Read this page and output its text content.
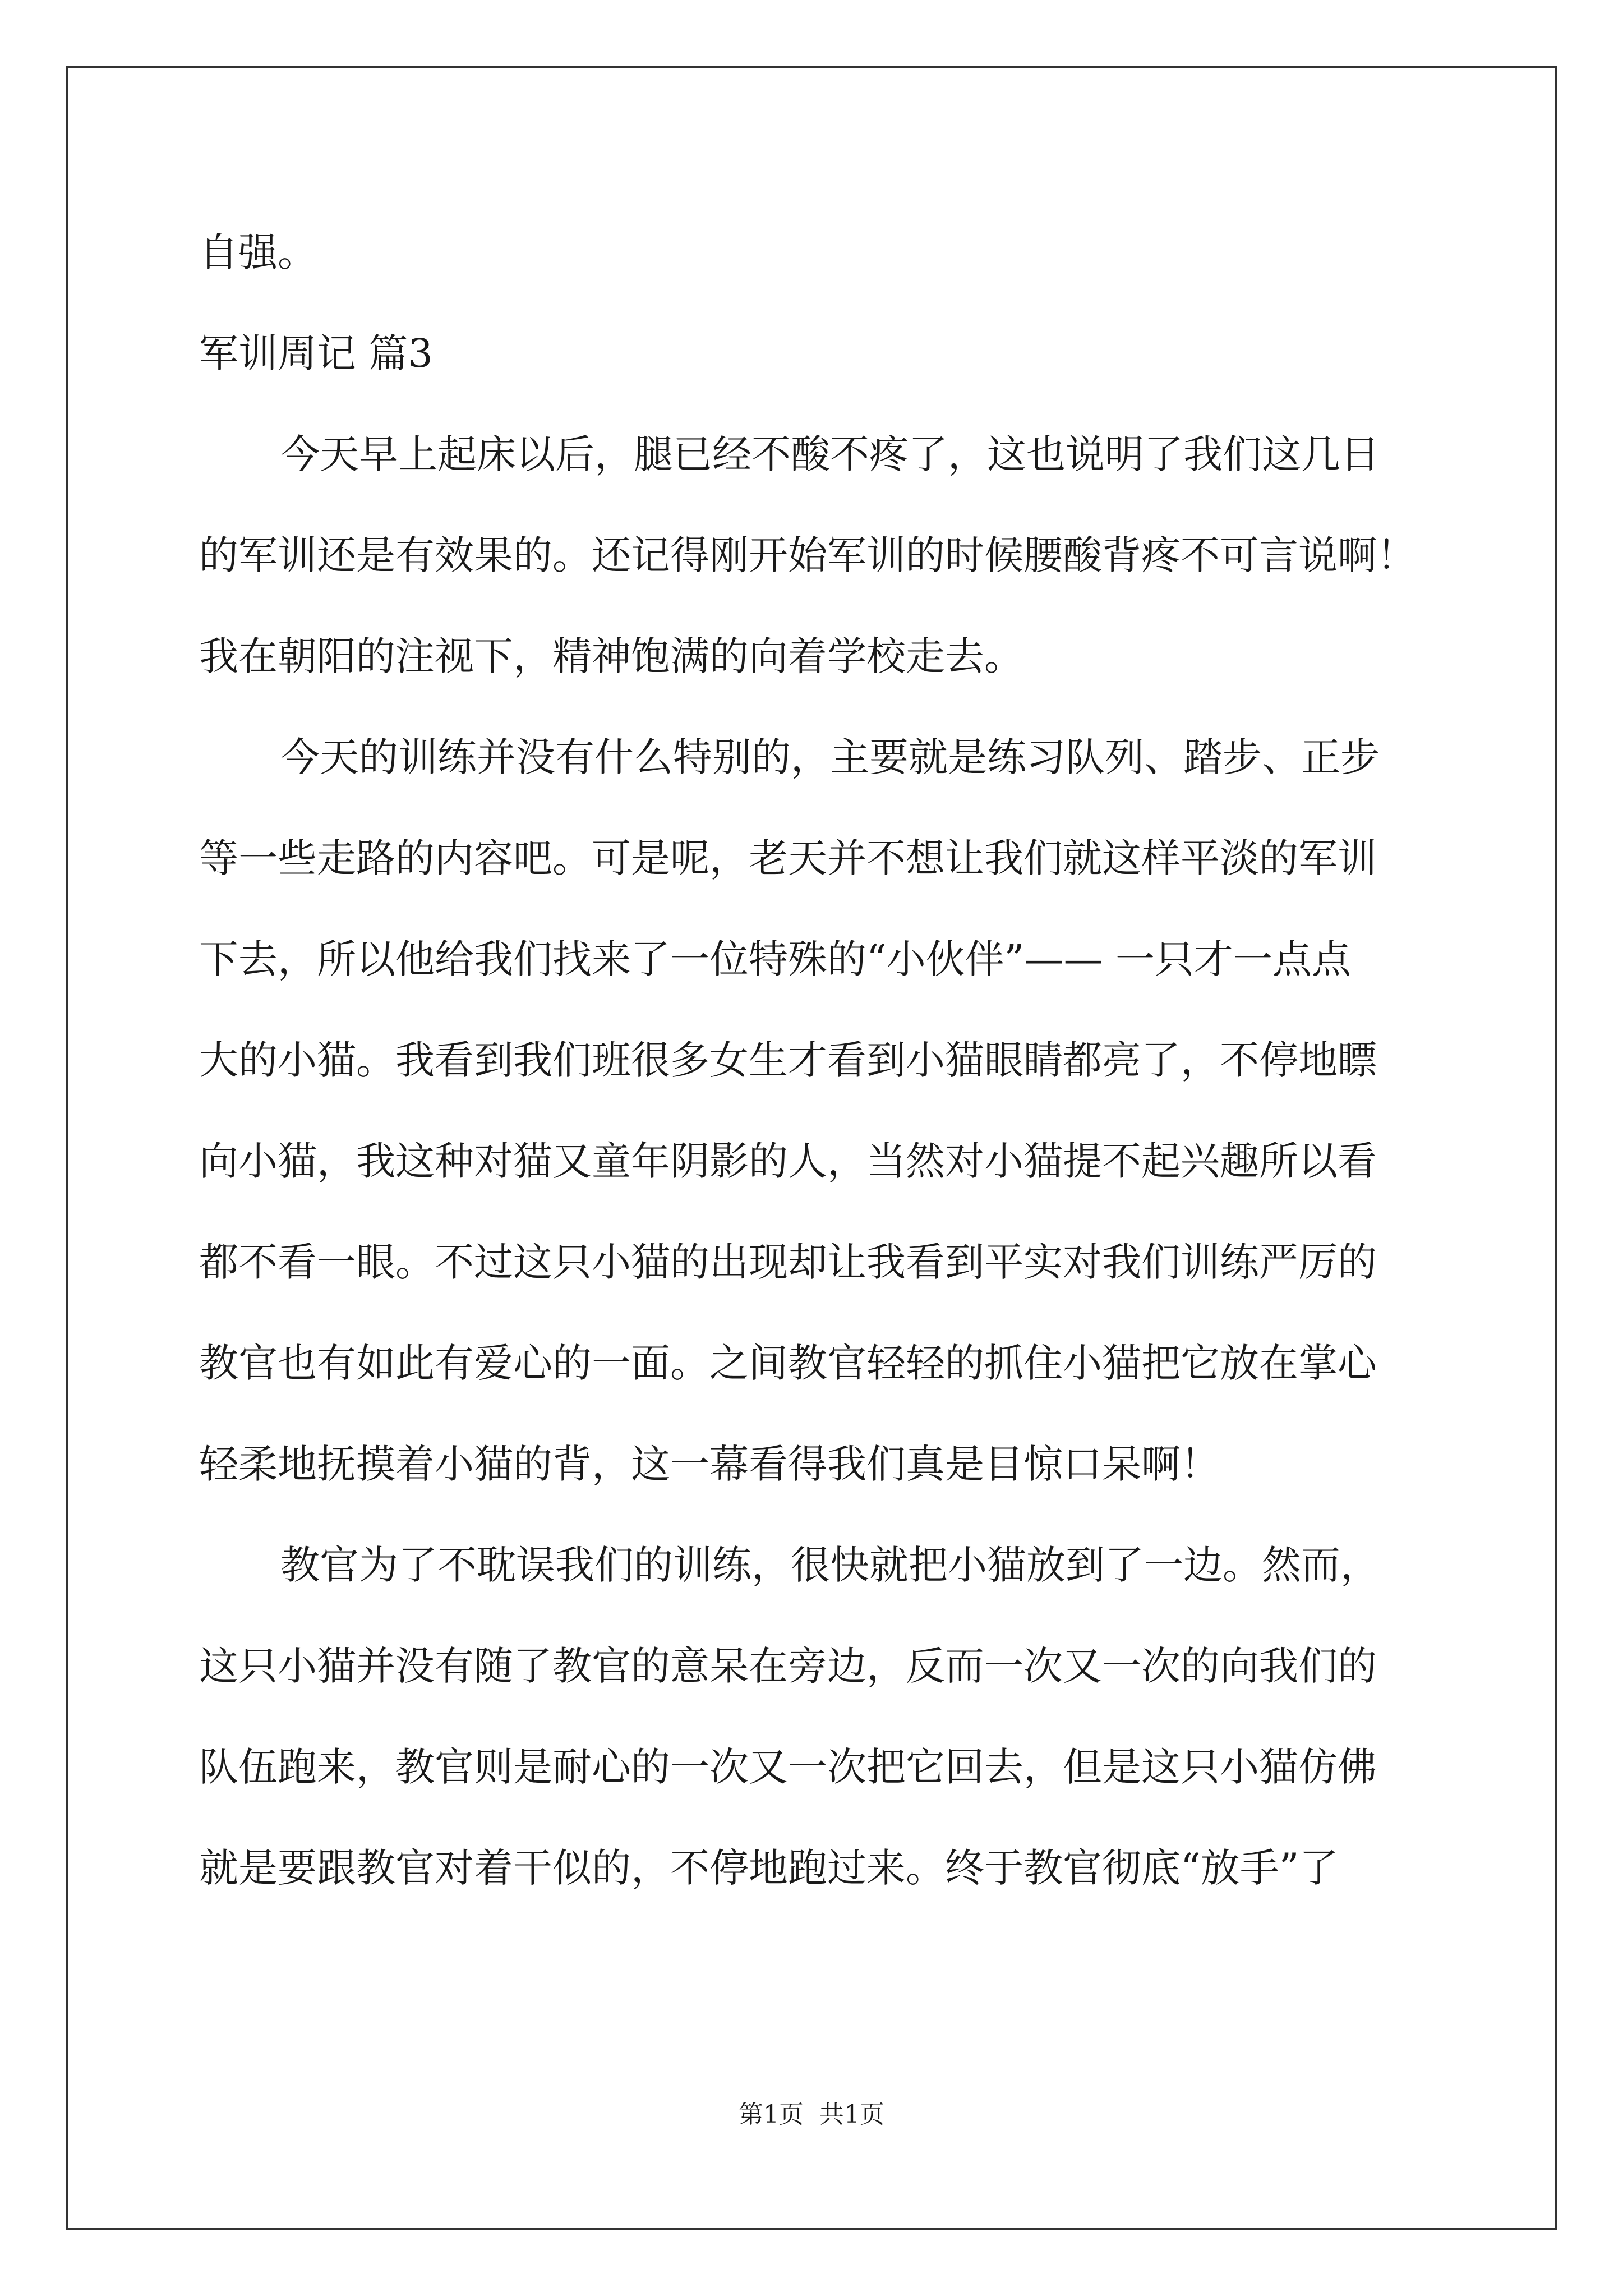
自强。
军训周记 篇3
今天早上起床以后，腿已经不酸不疼了，这也说明了我们这几日
的军训还是有效果的。还记得刚开始军训的时候腰酸背疼不可言说啊！
我在朝阳的注视下，精神饱满的向着学校走去。
今天的训练并没有什么特别的，主要就是练习队列、踏步、正步
等一些走路的内容吧。可是呢，老天并不想让我们就这样平淡的军训
下去，所以他给我们找来了一位特殊的“小伙伴”—— 一只才一点点
大的小猫。我看到我们班很多女生才看到小猫眼睛都亮了，不停地瞟
向小猫，我这种对猫又童年阴影的人，当然对小猫提不起兴趣所以看
都不看一眼。不过这只小猫的出现却让我看到平实对我们训练严厉的
教官也有如此有爱心的一面。之间教官轻轻的抓住小猫把它放在掌心
轻柔地抚摸着小猫的背，这一幕看得我们真是目惊口呆啊！
教官为了不耽误我们的训练，很快就把小猫放到了一边。然而，
这只小猫并没有随了教官的意呆在旁边，反而一次又一次的向我们的
队伍跑来，教官则是耐心的一次又一次把它回去，但是这只小猫仿佛
就是要跟教官对着干似的，不停地跑过来。终于教官彻底“放手”了
第1页 共1页
